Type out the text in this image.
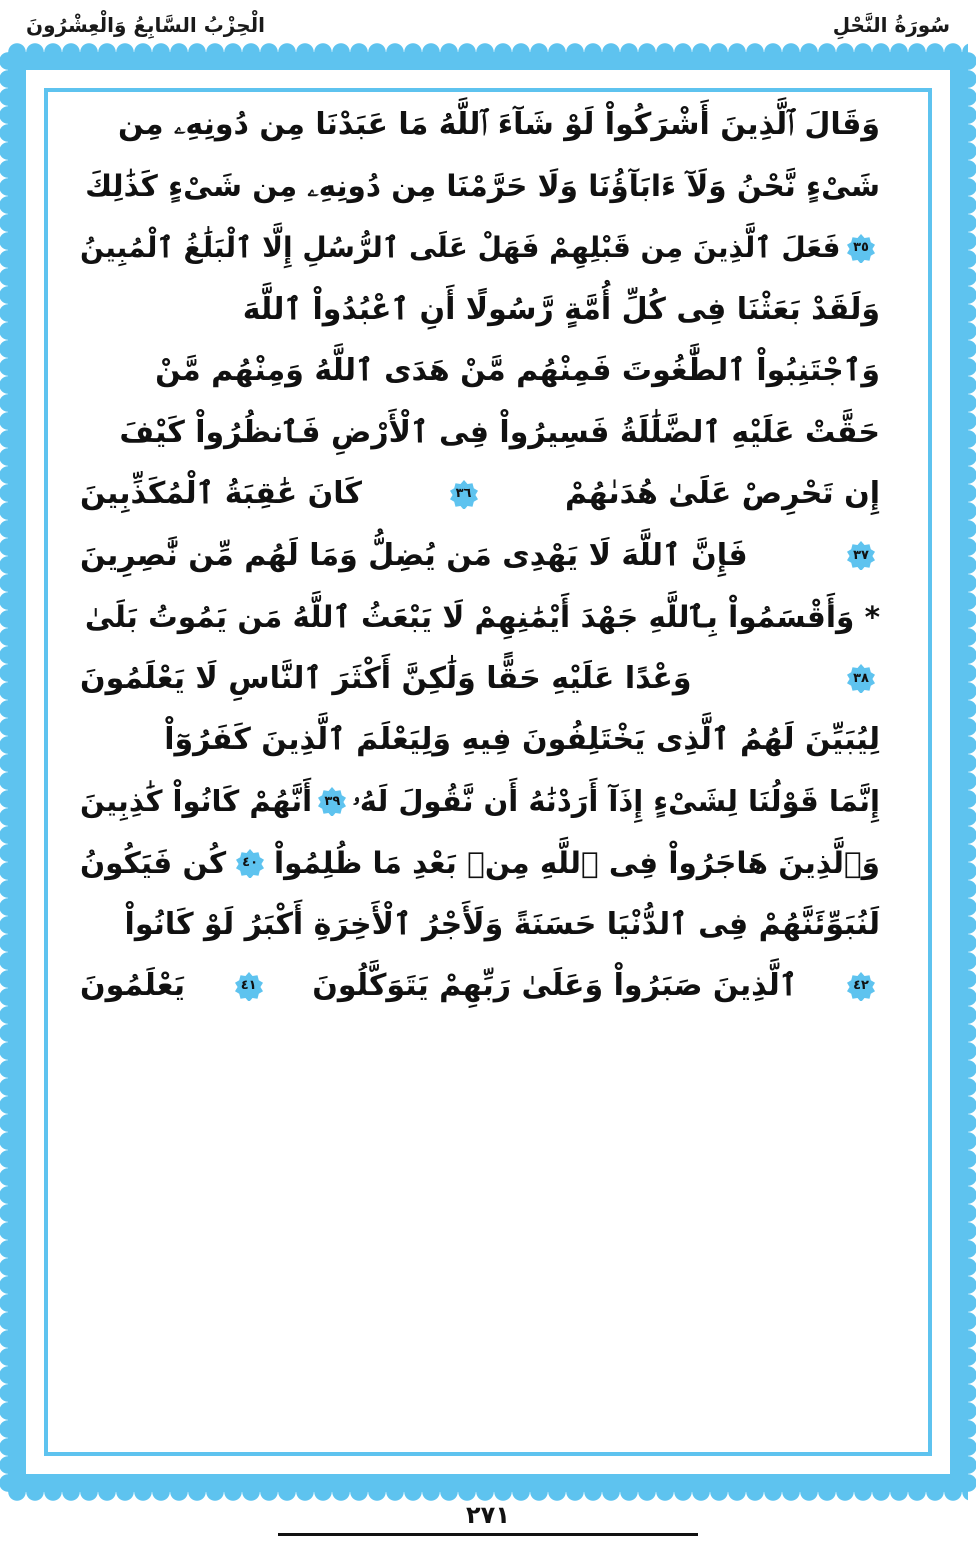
سُورَةُ النَّحْلِ
الْحِزْبُ السَّابِعُ وَالْعِشْرُونَ
وَقَالَ ٱلَّذِينَ أَشْرَكُواْ لَوْ شَآءَ ٱللَّهُ مَا عَبَدْنَا مِن دُونِهِۦ مِن
شَىْءٍ نَّحْنُ وَلَآ ءَابَآؤُنَا وَلَا حَرَّمْنَا مِن دُونِهِۦ مِن شَىْءٍ كَذَٰلِكَ
٣٥
فَعَلَ ٱلَّذِينَ مِن قَبْلِهِمْ فَهَلْ عَلَى ٱلرُّسُلِ إِلَّا ٱلْبَلَٰغُ ٱلْمُبِينُ
وَلَقَدْ بَعَثْنَا فِى كُلِّ أُمَّةٍ رَّسُولًا أَنِ ٱعْبُدُواْ ٱللَّهَ
وَٱجْتَنِبُواْ ٱلطَّٰغُوتَ فَمِنْهُم مَّنْ هَدَى ٱللَّهُ وَمِنْهُم مَّنْ
حَقَّتْ عَلَيْهِ ٱلضَّلَٰلَةُ فَسِيرُواْ فِى ٱلْأَرْضِ فَٱنظُرُواْ كَيْفَ
إِن تَحْرِصْ عَلَىٰ هُدَىٰهُمْ
٣٦
كَانَ عَٰقِبَةُ ٱلْمُكَذِّبِينَ
٣٧
فَإِنَّ ٱللَّهَ لَا يَهْدِى مَن يُضِلُّ وَمَا لَهُم مِّن نَّٰصِرِينَ
* وَأَقْسَمُواْ بِٱللَّهِ جَهْدَ أَيْمَٰنِهِمْ لَا يَبْعَثُ ٱللَّهُ مَن يَمُوتُ بَلَىٰ
٣٨
وَعْدًا عَلَيْهِ حَقًّا وَلَٰكِنَّ أَكْثَرَ ٱلنَّاسِ لَا يَعْلَمُونَ
لِيُبَيِّنَ لَهُمُ ٱلَّذِى يَخْتَلِفُونَ فِيهِ وَلِيَعْلَمَ ٱلَّذِينَ كَفَرُوٓاْ
إِنَّمَا قَوْلُنَا لِشَىْءٍ إِذَآ أَرَدْنَٰهُ أَن نَّقُولَ لَهُۥ
٣٩
أَنَّهُمْ كَانُواْ كَٰذِبِينَ
وَٱلَّذِينَ هَاجَرُواْ فِى ٱللَّهِ مِنۢ بَعْدِ مَا ظُلِمُواْ
٤٠
كُن فَيَكُونُ
لَنُبَوِّئَنَّهُمْ فِى ٱلدُّنْيَا حَسَنَةً وَلَأَجْرُ ٱلْأَخِرَةِ أَكْبَرُ لَوْ كَانُواْ
٤٢
ٱلَّذِينَ صَبَرُواْ وَعَلَىٰ رَبِّهِمْ يَتَوَكَّلُونَ
٤١
يَعْلَمُونَ
٢٧١
